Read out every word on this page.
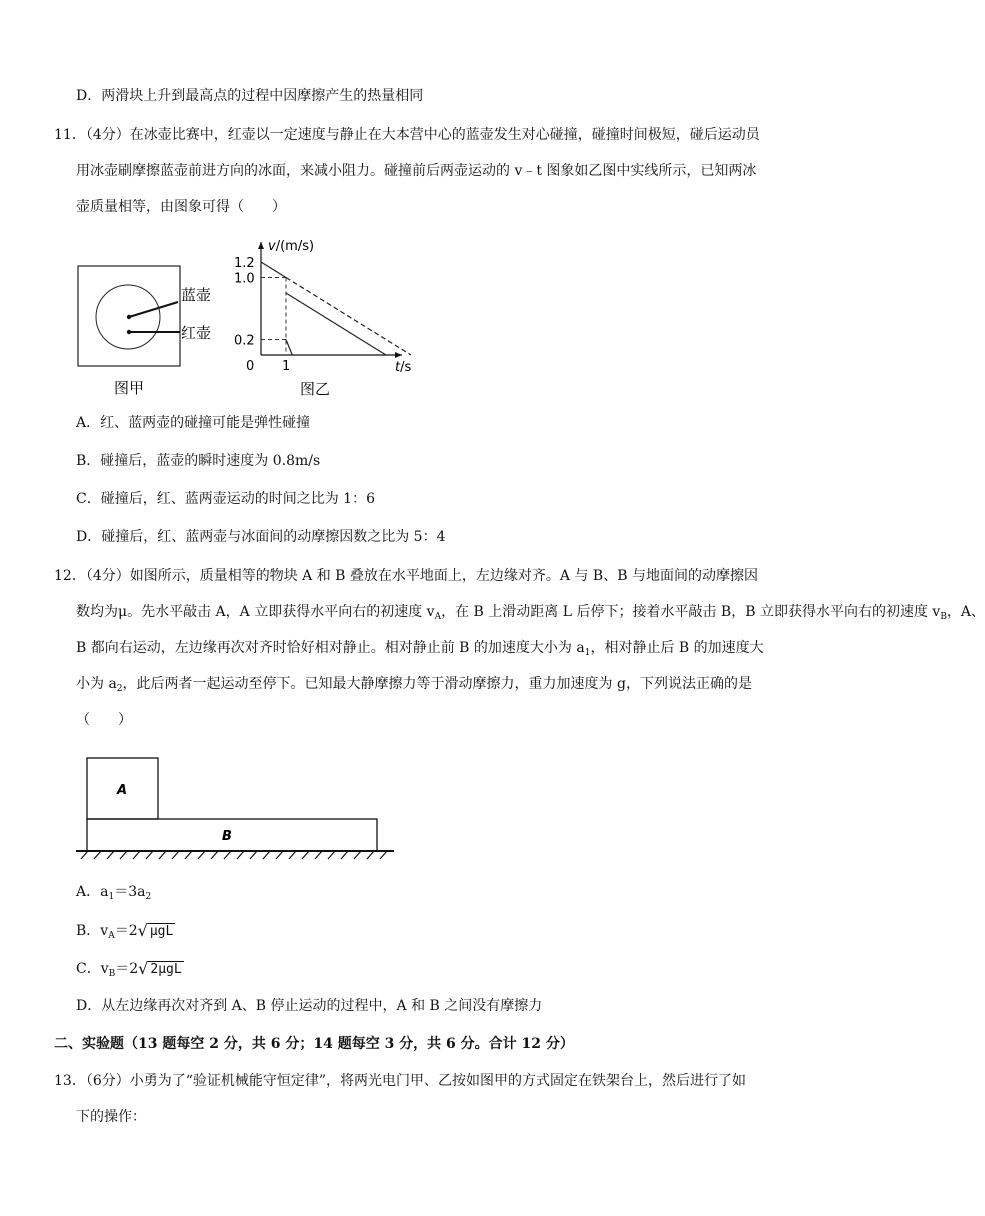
D．两滑块上升到最高点的过程中因摩擦产生的热量相同
11．（4分）在冰壶比赛中，红壶以一定速度与静止在大本营中心的蓝壶发生对心碰撞，碰撞时间极短，碰后运动员
用冰壶刷摩擦蓝壶前进方向的冰面，来减小阻力。碰撞前后两壶运动的 v﹣t 图象如乙图中实线所示，已知两冰
壶质量相等，由图象可得（　　）
蓝壶
红壶
图甲
1.2
1.0
0.2
1
v/(m/s)
t/s
0
图乙
A．红、蓝两壶的碰撞可能是弹性碰撞
B．碰撞后，蓝壶的瞬时速度为 0.8m/s
C．碰撞后，红、蓝两壶运动的时间之比为 1：6
D．碰撞后，红、蓝两壶与冰面间的动摩擦因数之比为 5：4
12．（4分）如图所示，质量相等的物块 A 和 B 叠放在水平地面上，左边缘对齐。A 与 B、B 与地面间的动摩擦因
数均为μ。先水平敲击 A，A 立即获得水平向右的初速度 $v_A$，在 B 上滑动距离 L 后停下；接着水平敲击 B，B 立即获得水平向右的初速度 $v_B$，A、
B 都向右运动，左边缘再次对齐时恰好相对静止。相对静止前 B 的加速度大小为 $a_1$，相对静止后 B 的加速度大
小为 $a_2$，此后两者一起运动至停下。已知最大静摩擦力等于滑动摩擦力，重力加速度为 g，下列说法正确的是
（　　）
A
B
A．$a_1=3a_2$
B．$v_A=2√$ μgL
C．$v_B=2√$ 2μgL
D．从左边缘再次对齐到 A、B 停止运动的过程中，A 和 B 之间没有摩擦力
二、实验题（13 题每空 2 分，共 6 分；14 题每空 3 分，共 6 分。合计 12 分）
13．（6分）小勇为了“验证机械能守恒定律”，将两光电门甲、乙按如图甲的方式固定在铁架台上，然后进行了如
下的操作：
